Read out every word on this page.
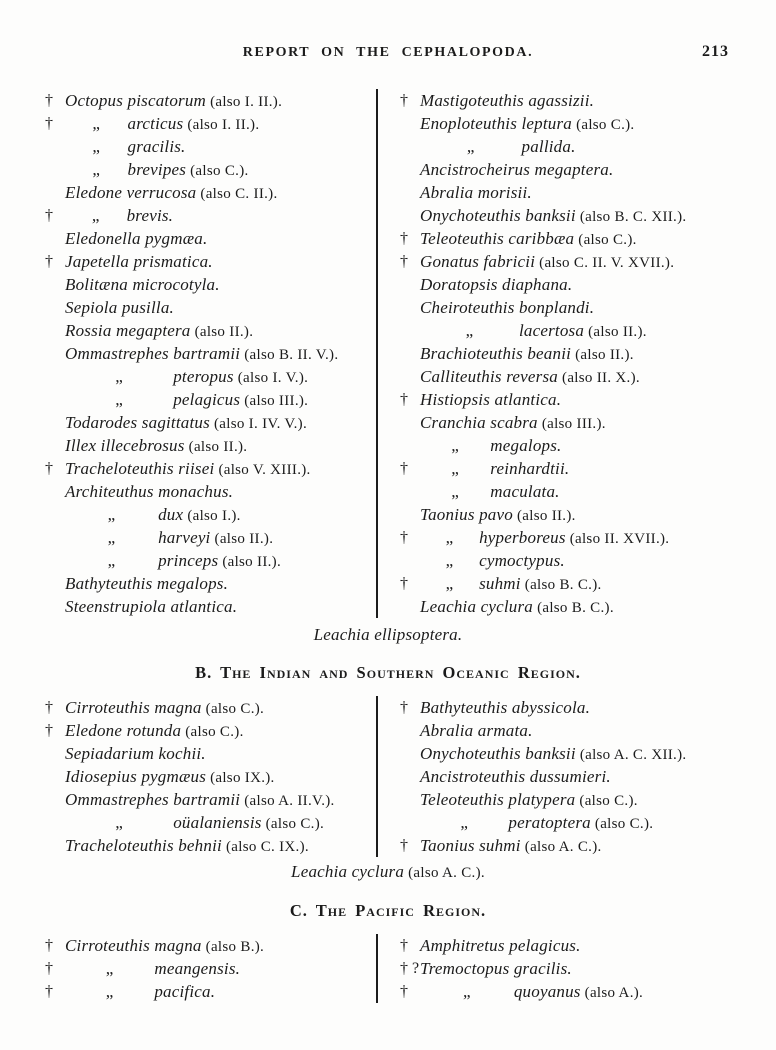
REPORT ON THE CEPHALOPODA.	213
† Octopus piscatorum (also I. II.).
†	„ arcticus (also I. II.).
„ gracilis.
„ brevipes (also C.).
Eledone verrucosa (also C. II.).
†	„ brevis.
Eledonella pygmæa.
† Japetella prismatica.
Bolitæna microcotyla.
Sepiola pusilla.
Rossia megaptera (also II.).
Ommastrephes bartramii (also B. II. V.).
„	pteropus (also I. V.).
„	pelagicus (also III.).
Todarodes sagittatus (also I. IV. V.).
Illex illecebrosus (also II.).
† Tracheloteuthis riisei (also V. XIII.).
Architeuthus monachus.
„	dux (also I.).
„	harveyi (also II.).
„	princeps (also II.).
Bathyteuthis megalops.
Steenstrupiola atlantica.
† Mastigoteuthis agassizii.
Enoploteuthis leptura (also C.).
„	pallida.
Ancistrocheirus megaptera.
Abralia morisii.
Onychoteuthis banksii (also B. C. XII.).
† Teleoteuthis caribbæa (also C.).
† Gonatus fabricii (also C. II. V. XVII.).
Doratopsis diaphana.
Cheiroteuthis bonplandi.
„	lacertosa (also II.).
Brachioteuthis beanii (also II.).
Calliteuthis reversa (also II. X.).
† Histiopsis atlantica.
Cranchia scabra (also III.).
„ megalops.
†	„ reinhardtii.
„ maculata.
Taonius pavo (also II.).
†	„ hyperboreus (also II. XVII.).
„ cymoctypus.
†	„ suhmi (also B. C.).
Leachia cyclura (also B. C.).
Leachia ellipsoptera.
B. The Indian and Southern Oceanic Region.
† Cirroteuthis magna (also C.).
† Eledone rotunda (also C.).
Sepiadarium kochii.
Idiosepius pygmæus (also IX.).
Ommastrephes bartramii (also A. II.V.).
„	oüalaniensis (also C.).
Tracheloteuthis behnii (also C. IX.).
† Bathyteuthis abyssicola.
Abralia armata.
Onychoteuthis banksii (also A. C. XII.).
Ancistroteuthis dussumieri.
Teleoteuthis platypera (also C.).
„ peratoptera (also C.).
† Taonius suhmi (also A. C.).
Leachia cyclura (also A. C.).
C. The Pacific Region.
† Cirroteuthis magna (also B.).
†	„ meangensis.
†	„ pacifica.
† Amphitretus pelagicus.
† ? Tremoctopus gracilis.
†	„	quoyanus (also A.).
